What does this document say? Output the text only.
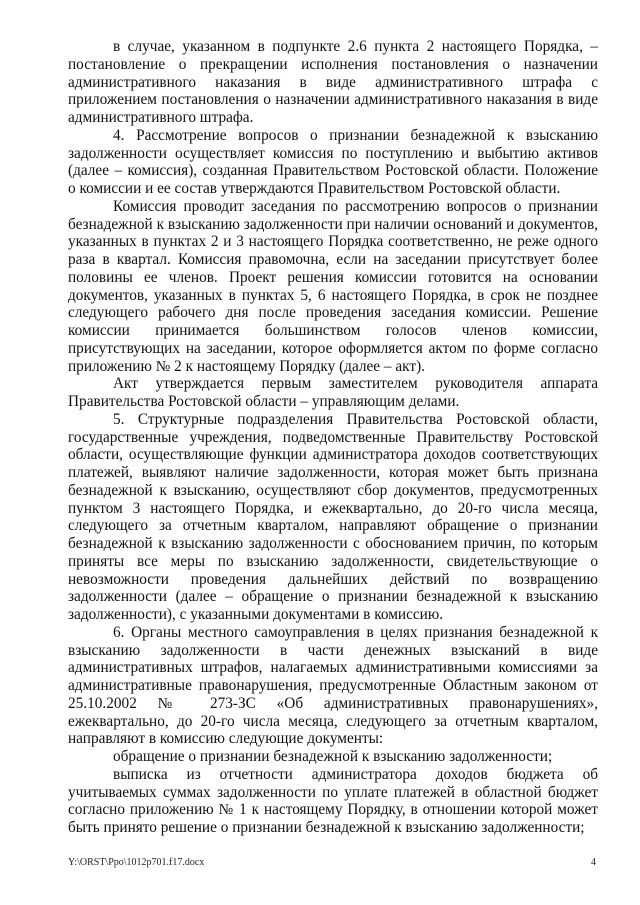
в случае, указанном в подпункте 2.6 пункта 2 настоящего Порядка, – постановление о прекращении исполнения постановления о назначении административного наказания в виде административного штрафа с приложением постановления о назначении административного наказания в виде административного штрафа.

4. Рассмотрение вопросов о признании безнадежной к взысканию задолженности осуществляет комиссия по поступлению и выбытию активов (далее – комиссия), созданная Правительством Ростовской области. Положение о комиссии и ее состав утверждаются Правительством Ростовской области.

Комиссия проводит заседания по рассмотрению вопросов о признании безнадежной к взысканию задолженности при наличии оснований и документов, указанных в пунктах 2 и 3 настоящего Порядка соответственно, не реже одного раза в квартал. Комиссия правомочна, если на заседании присутствует более половины ее членов. Проект решения комиссии готовится на основании документов, указанных в пунктах 5, 6 настоящего Порядка, в срок не позднее следующего рабочего дня после проведения заседания комиссии. Решение комиссии принимается большинством голосов членов комиссии, присутствующих на заседании, которое оформляется актом по форме согласно приложению № 2 к настоящему Порядку (далее – акт).

Акт утверждается первым заместителем руководителя аппарата Правительства Ростовской области – управляющим делами.

5. Структурные подразделения Правительства Ростовской области, государственные учреждения, подведомственные Правительству Ростовской области, осуществляющие функции администратора доходов соответствующих платежей, выявляют наличие задолженности, которая может быть признана безнадежной к взысканию, осуществляют сбор документов, предусмотренных пунктом 3 настоящего Порядка, и ежеквартально, до 20-го числа месяца, следующего за отчетным кварталом, направляют обращение о признании безнадежной к взысканию задолженности с обоснованием причин, по которым приняты все меры по взысканию задолженности, свидетельствующие о невозможности проведения дальнейших действий по возвращению задолженности (далее – обращение о признании безнадежной к взысканию задолженности), с указанными документами в комиссию.

6. Органы местного самоуправления в целях признания безнадежной к взысканию задолженности в части денежных взысканий в виде административных штрафов, налагаемых административными комиссиями за административные правонарушения, предусмотренные Областным законом от 25.10.2002 № 273-ЗС «Об административных правонарушениях», ежеквартально, до 20-го числа месяца, следующего за отчетным кварталом, направляют в комиссию следующие документы:

обращение о признании безнадежной к взысканию задолженности;

выписка из отчетности администратора доходов бюджета об учитываемых суммах задолженности по уплате платежей в областной бюджет согласно приложению № 1 к настоящему Порядку, в отношении которой может быть принято решение о признании безнадежной к взысканию задолженности;

Y:\ORST\Ppo\1012p701.f17.docx	4
